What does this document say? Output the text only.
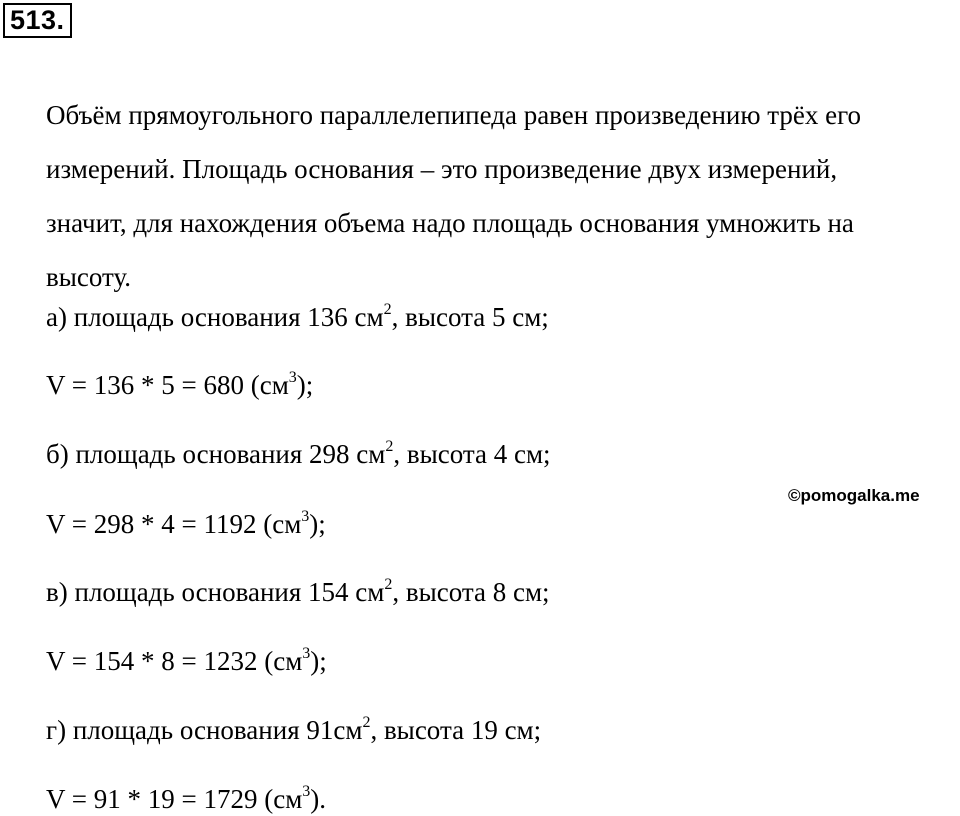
513.

Объём прямоугольного параллелепипеда равен произведению трёх его

измерений. Площадь основания – это произведение двух измерений,

значит, для нахождения объема надо площадь основания умножить на

высоту.

а) площадь основания 136 $см^2$, высота 5 см;
V = 136 * 5 = 680 $(см^3)$;
б) площадь основания 298 $см^2$, высота 4 см;
V = 298 * 4 = 1192 $(см^3)$;
в) площадь основания 154 $см^2$, высота 8 см;
V = 154 * 8 = 1232 $(см^3)$;
г) площадь основания $91см^2$, высота 19 см;
V = 91 * 19 = 1729 $(см^3)$.
©pomogalka.me
